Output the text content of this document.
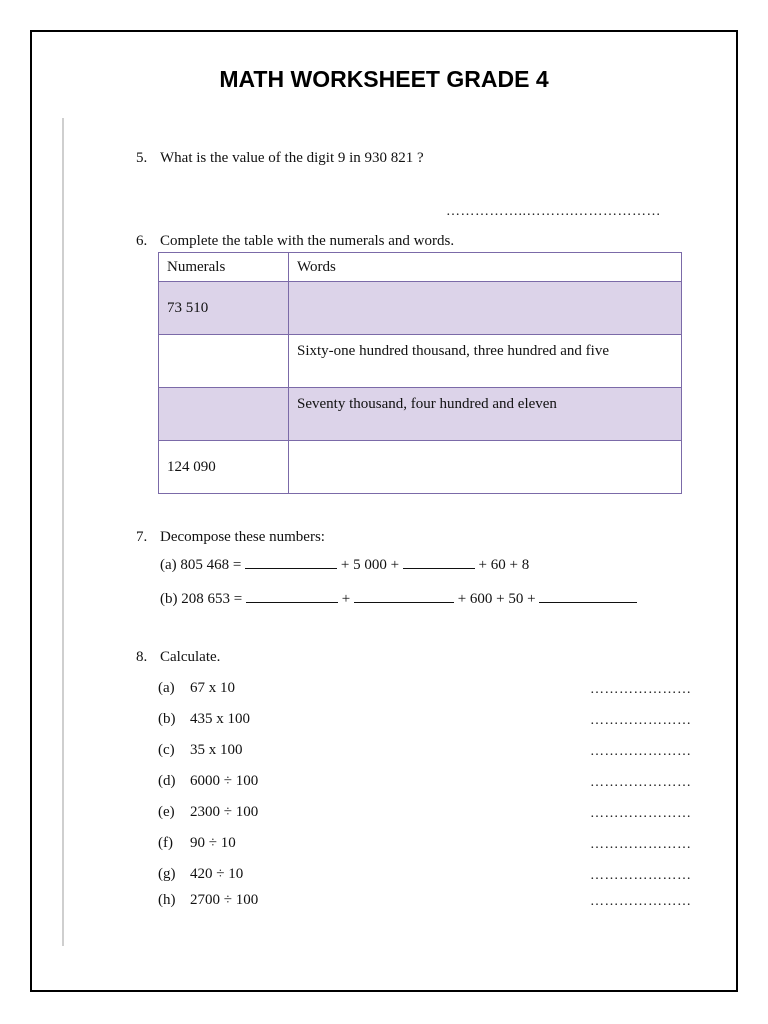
MATH WORKSHEET GRADE 4
5. What is the value of the digit 9 in 930 821 ?
……………..……….………………
6. Complete the table with the numerals and words.
Numerals	Words
73 510	
	Sixty-one hundred thousand, three hundred and five
	Seventy thousand, four hundred and eleven
124 090	
7. Decompose these numbers:
(a) 805 468 =	+ 5 000 +	+ 60 + 8
(b) 208 653 =	+	+ 600 + 50 +
8. Calculate.
(a) 67 x 10	…………………
(b) 435 x 100	…………………
(c) 35 x 100	…………………
(d) 6000 ÷ 100	…………………
(e) 2300 ÷ 100	…………………
(f) 90 ÷ 10	…………………
(g) 420 ÷ 10	…………………
(h) 2700 ÷ 100	…………………
